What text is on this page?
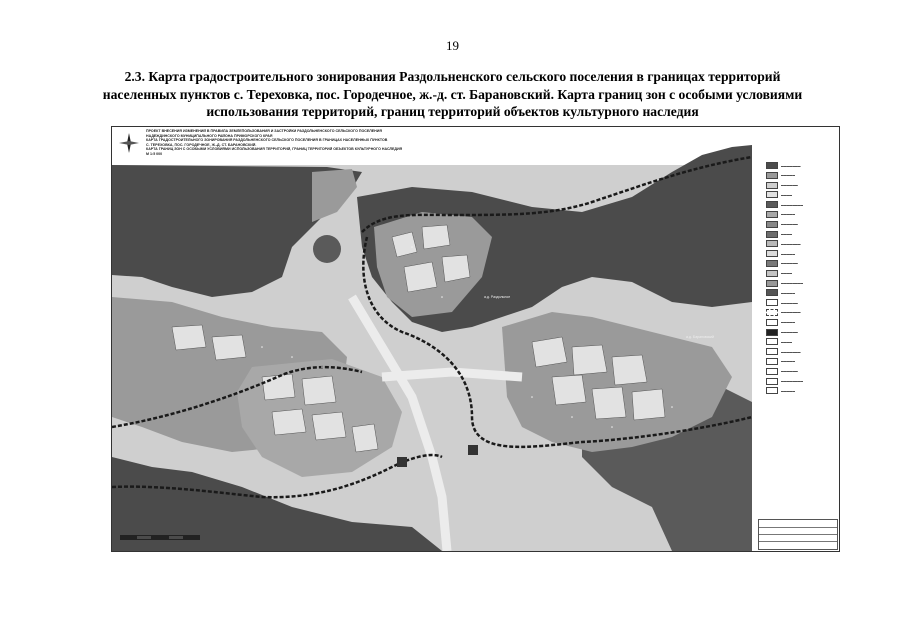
19
2.3. Карта градостроительного зонирования Раздольненского сельского поселения в границах территорий
населенных пунктов с. Тереховка, пос. Городечное, ж.-д. ст. Барановский. Карта границ зон с особыми условиями
использования территорий, границ территорий объектов культурного наследия
ПРОЕКТ ВНЕСЕНИЯ ИЗМЕНЕНИЙ В ПРАВИЛА ЗЕМЛЕПОЛЬЗОВАНИЯ И ЗАСТРОЙКИ РАЗДОЛЬНЕНСКОГО СЕЛЬСКОГО ПОСЕЛЕНИЯ
НАДЕЖДИНСКОГО МУНИЦИПАЛЬНОГО РАЙОНА ПРИМОРСКОГО КРАЯ
КАРТА ГРАДОСТРОИТЕЛЬНОГО ЗОНИРОВАНИЯ РАЗДОЛЬНЕНСКОГО СЕЛЬСКОГО ПОСЕЛЕНИЯ В ГРАНИЦАХ НАСЕЛЕННЫХ ПУНКТОВ
С. ТЕРЕХОВКА, ПОС. ГОРОДЕЧНОЕ, Ж.-Д. СТ. БАРАНОВСКИЙ.
КАРТА ГРАНИЦ ЗОН С ОСОБЫМИ УСЛОВИЯМИ ИСПОЛЬЗОВАНИЯ ТЕРРИТОРИЙ, ГРАНИЦ ТЕРРИТОРИЙ ОБЪЕКТОВ КУЛЬТУРНОГО НАСЛЕДИЯ
М 1:5 000
а.д. Раздольное
а.д. Барановский
▬▬▬▬▬▬▬
▬▬▬▬▬
▬▬▬▬▬▬
▬▬▬▬
▬▬▬▬▬▬▬▬
▬▬▬▬▬
▬▬▬▬▬▬
▬▬▬▬
▬▬▬▬▬▬▬
▬▬▬▬▬
▬▬▬▬▬▬
▬▬▬▬
▬▬▬▬▬▬▬▬
▬▬▬▬▬
▬▬▬▬▬▬
▬▬▬▬▬▬▬
▬▬▬▬▬
▬▬▬▬▬▬
▬▬▬▬
▬▬▬▬▬▬▬
▬▬▬▬▬
▬▬▬▬▬▬
▬▬▬▬▬▬▬▬
▬▬▬▬▬
